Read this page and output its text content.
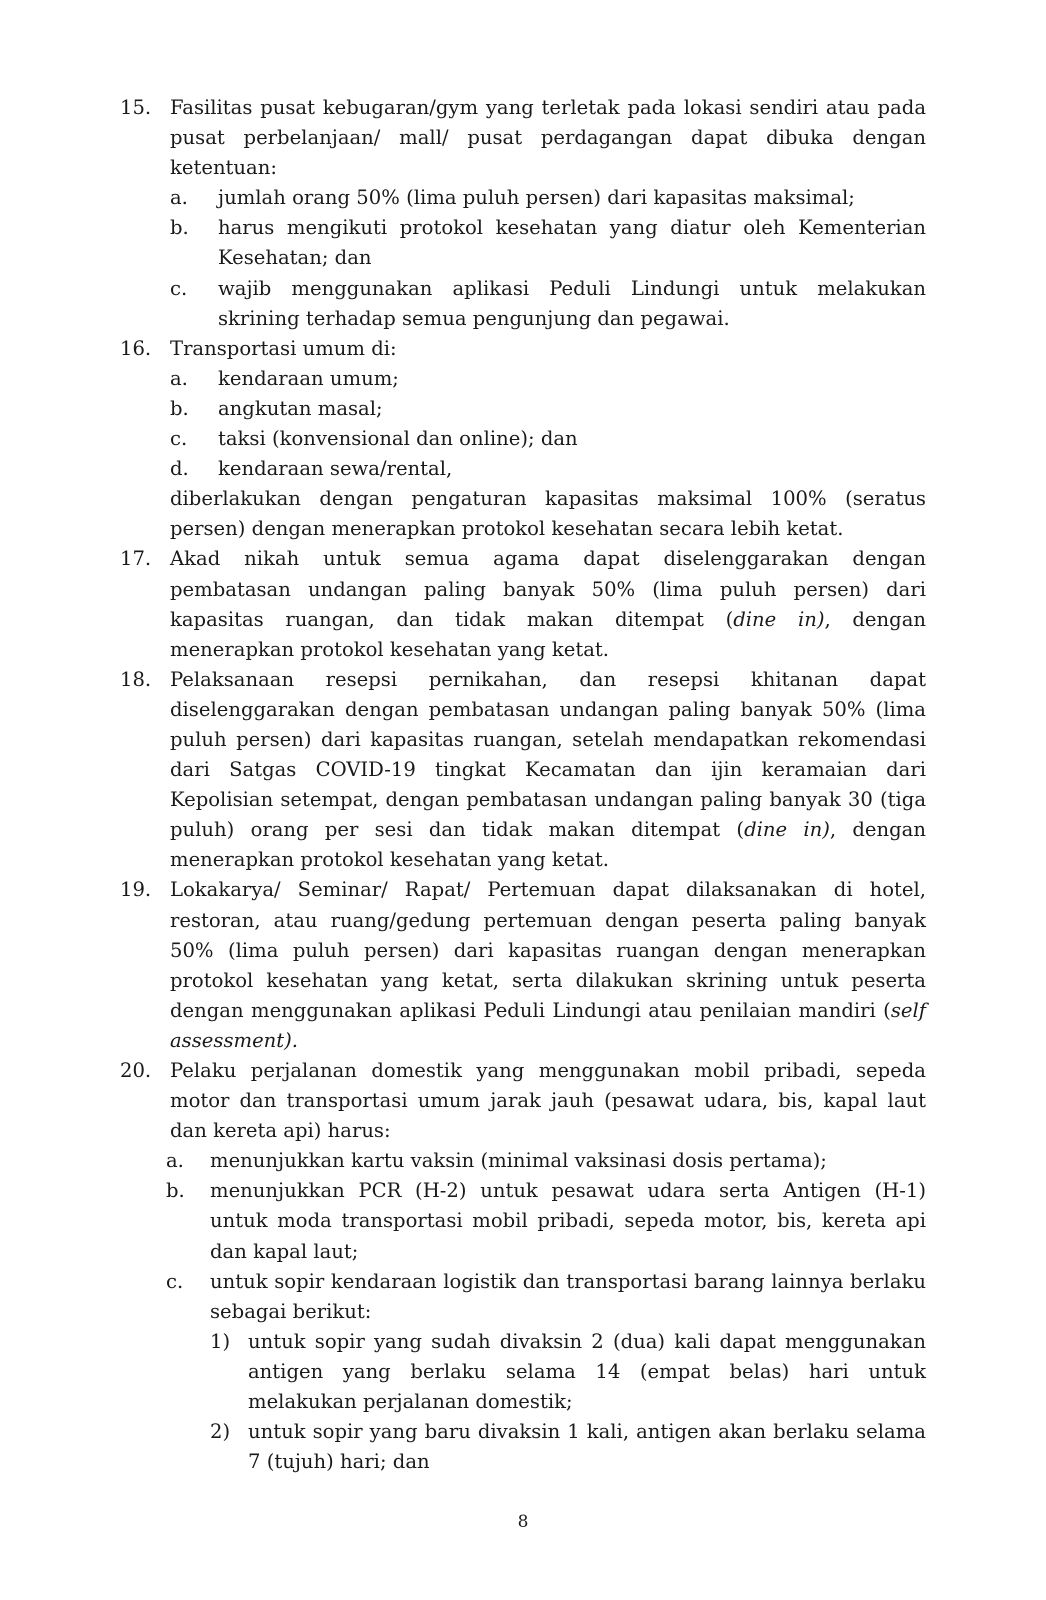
15. Fasilitas pusat kebugaran/gym yang terletak pada lokasi sendiri atau pada pusat perbelanjaan/ mall/ pusat perdagangan dapat dibuka dengan ketentuan:
a. jumlah orang 50% (lima puluh persen) dari kapasitas maksimal;
b. harus mengikuti protokol kesehatan yang diatur oleh Kementerian Kesehatan; dan
c. wajib menggunakan aplikasi Peduli Lindungi untuk melakukan skrining terhadap semua pengunjung dan pegawai.
16. Transportasi umum di:
a. kendaraan umum;
b. angkutan masal;
c. taksi (konvensional dan online); dan
d. kendaraan sewa/rental,
diberlakukan dengan pengaturan kapasitas maksimal 100% (seratus persen) dengan menerapkan protokol kesehatan secara lebih ketat.
17. Akad nikah untuk semua agama dapat diselenggarakan dengan pembatasan undangan paling banyak 50% (lima puluh persen) dari kapasitas ruangan, dan tidak makan ditempat (dine in), dengan menerapkan protokol kesehatan yang ketat.
18. Pelaksanaan resepsi pernikahan, dan resepsi khitanan dapat diselenggarakan dengan pembatasan undangan paling banyak 50% (lima puluh persen) dari kapasitas ruangan, setelah mendapatkan rekomendasi dari Satgas COVID-19 tingkat Kecamatan dan ijin keramaian dari Kepolisian setempat, dengan pembatasan undangan paling banyak 30 (tiga puluh) orang per sesi dan tidak makan ditempat (dine in), dengan menerapkan protokol kesehatan yang ketat.
19. Lokakarya/ Seminar/ Rapat/ Pertemuan dapat dilaksanakan di hotel, restoran, atau ruang/gedung pertemuan dengan peserta paling banyak 50% (lima puluh persen) dari kapasitas ruangan dengan menerapkan protokol kesehatan yang ketat, serta dilakukan skrining untuk peserta dengan menggunakan aplikasi Peduli Lindungi atau penilaian mandiri (self assessment).
20. Pelaku perjalanan domestik yang menggunakan mobil pribadi, sepeda motor dan transportasi umum jarak jauh (pesawat udara, bis, kapal laut dan kereta api) harus:
a. menunjukkan kartu vaksin (minimal vaksinasi dosis pertama);
b. menunjukkan PCR (H-2) untuk pesawat udara serta Antigen (H-1) untuk moda transportasi mobil pribadi, sepeda motor, bis, kereta api dan kapal laut;
c. untuk sopir kendaraan logistik dan transportasi barang lainnya berlaku sebagai berikut:
1) untuk sopir yang sudah divaksin 2 (dua) kali dapat menggunakan antigen yang berlaku selama 14 (empat belas) hari untuk melakukan perjalanan domestik;
2) untuk sopir yang baru divaksin 1 kali, antigen akan berlaku selama 7 (tujuh) hari; dan
8
